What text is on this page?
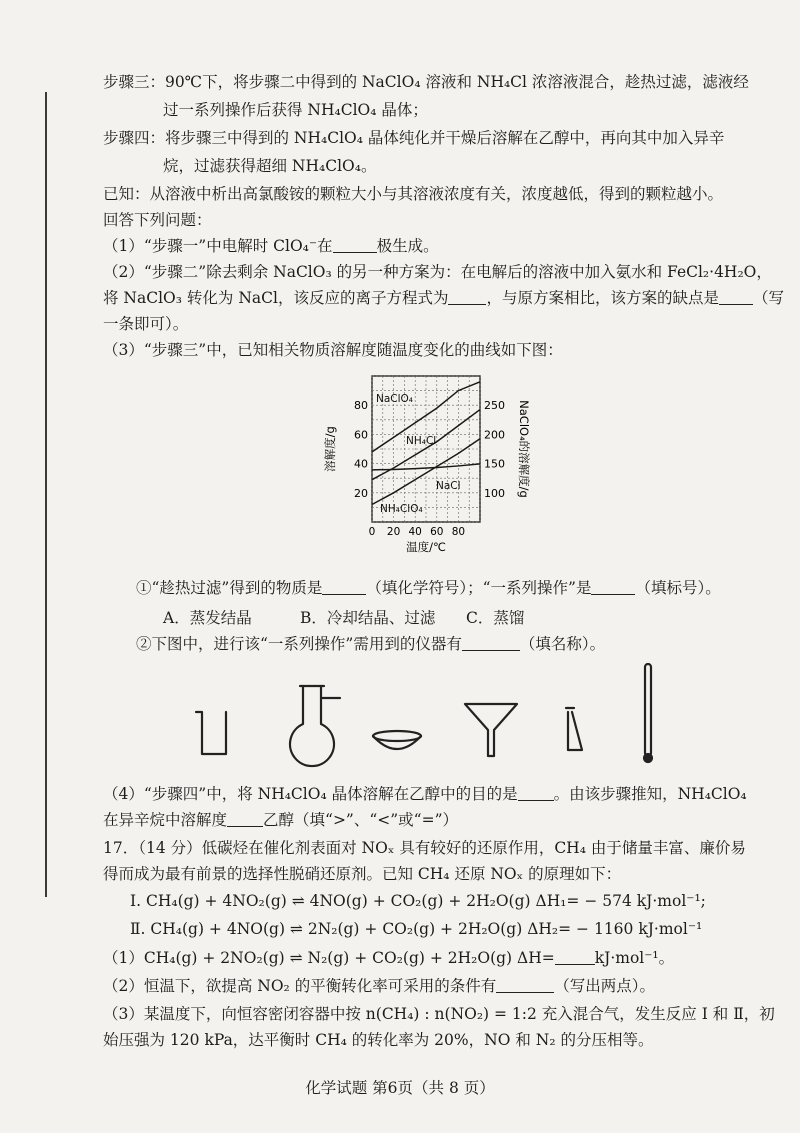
步骤三：90℃下，将步骤二中得到的 NaClO₄ 溶液和 NH₄Cl 浓溶液混合，趁热过滤，滤液经
过一系列操作后获得 NH₄ClO₄ 晶体；
步骤四：将步骤三中得到的 NH₄ClO₄ 晶体纯化并干燥后溶解在乙醇中，再向其中加入异辛
烷，过滤获得超细 NH₄ClO₄。
已知：从溶液中析出高氯酸铵的颗粒大小与其溶液浓度有关，浓度越低，得到的颗粒越小。
回答下列问题：
（1）“步骤一”中电解时 ClO₄⁻在	极生成。
（2）“步骤二”除去剩余 NaClO₃ 的另一种方案为：在电解后的溶液中加入氨水和 FeCl₂·4H₂O，
将 NaClO₃ 转化为 NaCl，该反应的离子方程式为 ，与原方案相比，该方案的缺点是 （写
一条即可）。
（3）“步骤三”中，已知相关物质溶解度随温度变化的曲线如下图：
0 20 40 60 80
20
40
60
80
100
150
200
250
温度/℃
溶解度/g	NaClO₄的溶解度/g
NaClO₄
NH₄Cl
NaCl
NH₄ClO₄
①“趁热过滤”得到的物质是	（填化学符号）；“一系列操作”是	（填标号）。
A．蒸发结晶	B．冷却结晶、过滤 C．蒸馏
②下图中，进行该“一系列操作”需用到的仪器有	（填名称）。
（4）“步骤四”中，将 NH₄ClO₄ 晶体溶解在乙醇中的目的是 。由该步骤推知，NH₄ClO₄
在异辛烷中溶解度 乙醇（填“>”、“<”或“=”）
17．（14 分）低碳烃在催化剂表面对 NOₓ 具有较好的还原作用，CH₄ 由于储量丰富、廉价易
得而成为最有前景的选择性脱硝还原剂。已知 CH₄ 还原 NOₓ 的原理如下：
Ⅰ. CH₄(g) + 4NO₂(g) ⇌ 4NO(g) + CO₂(g) + 2H₂O(g) ΔH₁= − 574 kJ·mol⁻¹;
Ⅱ. CH₄(g) + 4NO(g) ⇌ 2N₂(g) + CO₂(g) + 2H₂O(g) ΔH₂= − 1160 kJ·mol⁻¹
（1）CH₄(g) + 2NO₂(g) ⇌ N₂(g) + CO₂(g) + 2H₂O(g) ΔH=	kJ·mol⁻¹。
（2）恒温下，欲提高 NO₂ 的平衡转化率可采用的条件有	（写出两点）。
（3）某温度下，向恒容密闭容器中按 n(CH₄) : n(NO₂) = 1:2 充入混合气，发生反应 Ⅰ 和 Ⅱ，初
始压强为 120 kPa，达平衡时 CH₄ 的转化率为 20%，NO 和 N₂ 的分压相等。
化学试题 第6页（共 8 页）
